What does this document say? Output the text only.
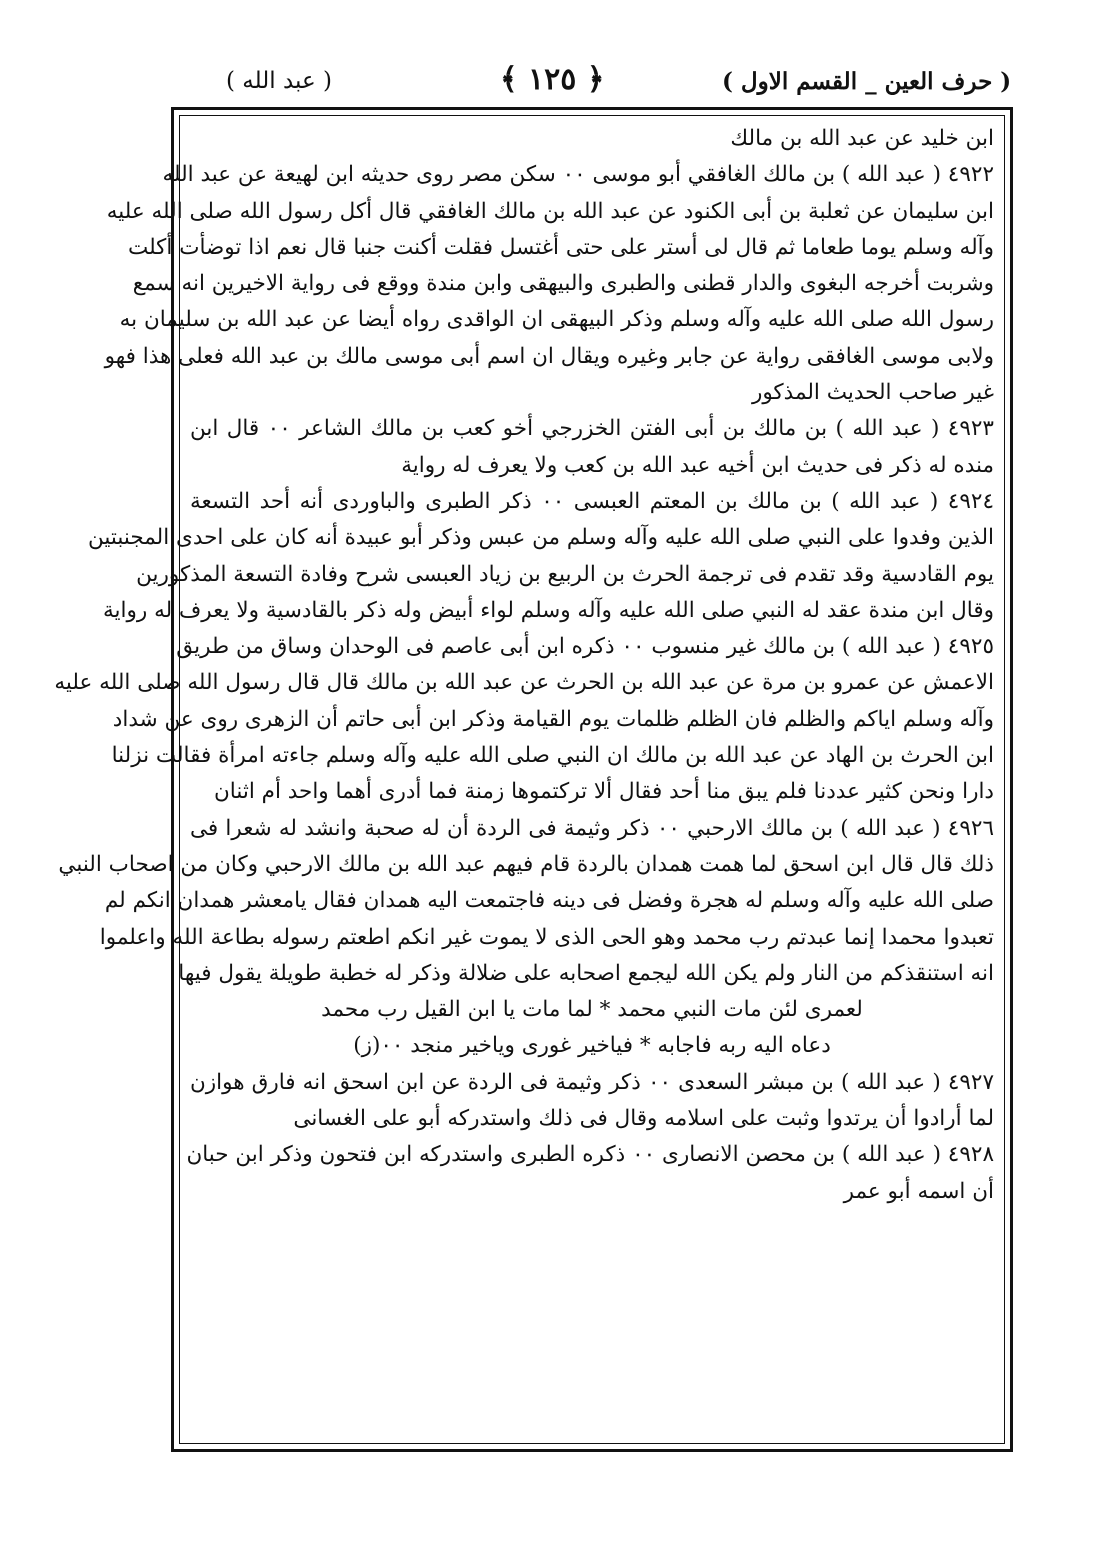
( عبد الله )	﴿ ١٢٥ ﴾	( حرف العين _ القسم الاول )
ابن خليد عن عبد الله بن مالك
٤٩٢٢ ( عبد الله ) بن مالك الغافقي أبو موسى ٠٠ سكن مصر روى حديثه ابن لهيعة عن عبد الله
ابن سليمان عن ثعلبة بن أبى الكنود عن عبد الله بن مالك الغافقي قال أكل رسول الله صلى الله عليه
وآله وسلم يوما طعاما ثم قال لى أستر على حتى أغتسل فقلت أكنت جنبا قال نعم اذا توضأت أكلت
وشربت أخرجه البغوى والدار قطنى والطبرى والبيهقى وابن مندة ووقع فى رواية الاخيرين انه سمع
رسول الله صلى الله عليه وآله وسلم وذكر البيهقى ان الواقدى رواه أيضا عن عبد الله بن سليمان به
ولابى موسى الغافقى رواية عن جابر وغيره ويقال ان اسم أبى موسى مالك بن عبد الله فعلى هذا فهو
غير صاحب الحديث المذكور
٤٩٢٣ ( عبد الله ) بن مالك بن أبى الفتن الخزرجي أخو كعب بن مالك الشاعر ٠٠ قال ابن
منده له ذكر فى حديث ابن أخيه عبد الله بن كعب ولا يعرف له رواية
٤٩٢٤ ( عبد الله ) بن مالك بن المعتم العبسى ٠٠ ذكر الطبرى والباوردى أنه أحد التسعة
الذين وفدوا على النبي صلى الله عليه وآله وسلم من عبس وذكر أبو عبيدة أنه كان على احدى المجنبتين
يوم القادسية وقد تقدم فى ترجمة الحرث بن الربيع بن زياد العبسى شرح وفادة التسعة المذكورين
وقال ابن مندة عقد له النبي صلى الله عليه وآله وسلم لواء أبيض وله ذكر بالقادسية ولا يعرف له رواية
٤٩٢٥ ( عبد الله ) بن مالك غير منسوب ٠٠ ذكره ابن أبى عاصم فى الوحدان وساق من طريق
الاعمش عن عمرو بن مرة عن عبد الله بن الحرث عن عبد الله بن مالك قال قال رسول الله صلى الله عليه
وآله وسلم اياكم والظلم فان الظلم ظلمات يوم القيامة وذكر ابن أبى حاتم أن الزهرى روى عن شداد
ابن الحرث بن الهاد عن عبد الله بن مالك ان النبي صلى الله عليه وآله وسلم جاءته امرأة فقالت نزلنا
دارا ونحن كثير عددنا فلم يبق منا أحد فقال ألا تركتموها زمنة فما أدرى أهما واحد أم اثنان
٤٩٢٦ ( عبد الله ) بن مالك الارحبي ٠٠ ذكر وثيمة فى الردة أن له صحبة وانشد له شعرا فى
ذلك قال قال ابن اسحق لما همت همدان بالردة قام فيهم عبد الله بن مالك الارحبي وكان من اصحاب النبي
صلى الله عليه وآله وسلم له هجرة وفضل فى دينه فاجتمعت اليه همدان فقال يامعشر همدان انكم لم
تعبدوا محمدا إنما عبدتم رب محمد وهو الحى الذى لا يموت غير انكم اطعتم رسوله بطاعة الله واعلموا
انه استنقذكم من النار ولم يكن الله ليجمع اصحابه على ضلالة وذكر له خطبة طويلة يقول فيها
لعمرى لئن مات النبي محمد * لما مات يا ابن القيل رب محمد
دعاه اليه ربه فاجابه * فياخير غورى وياخير منجد ٠٠(ز)
٤٩٢٧ ( عبد الله ) بن مبشر السعدى ٠٠ ذكر وثيمة فى الردة عن ابن اسحق انه فارق هوازن
لما أرادوا أن يرتدوا وثبت على اسلامه وقال فى ذلك واستدركه أبو على الغسانى
٤٩٢٨ ( عبد الله ) بن محصن الانصارى ٠٠ ذكره الطبرى واستدركه ابن فتحون وذكر ابن حبان
أن اسمه أبو عمر
